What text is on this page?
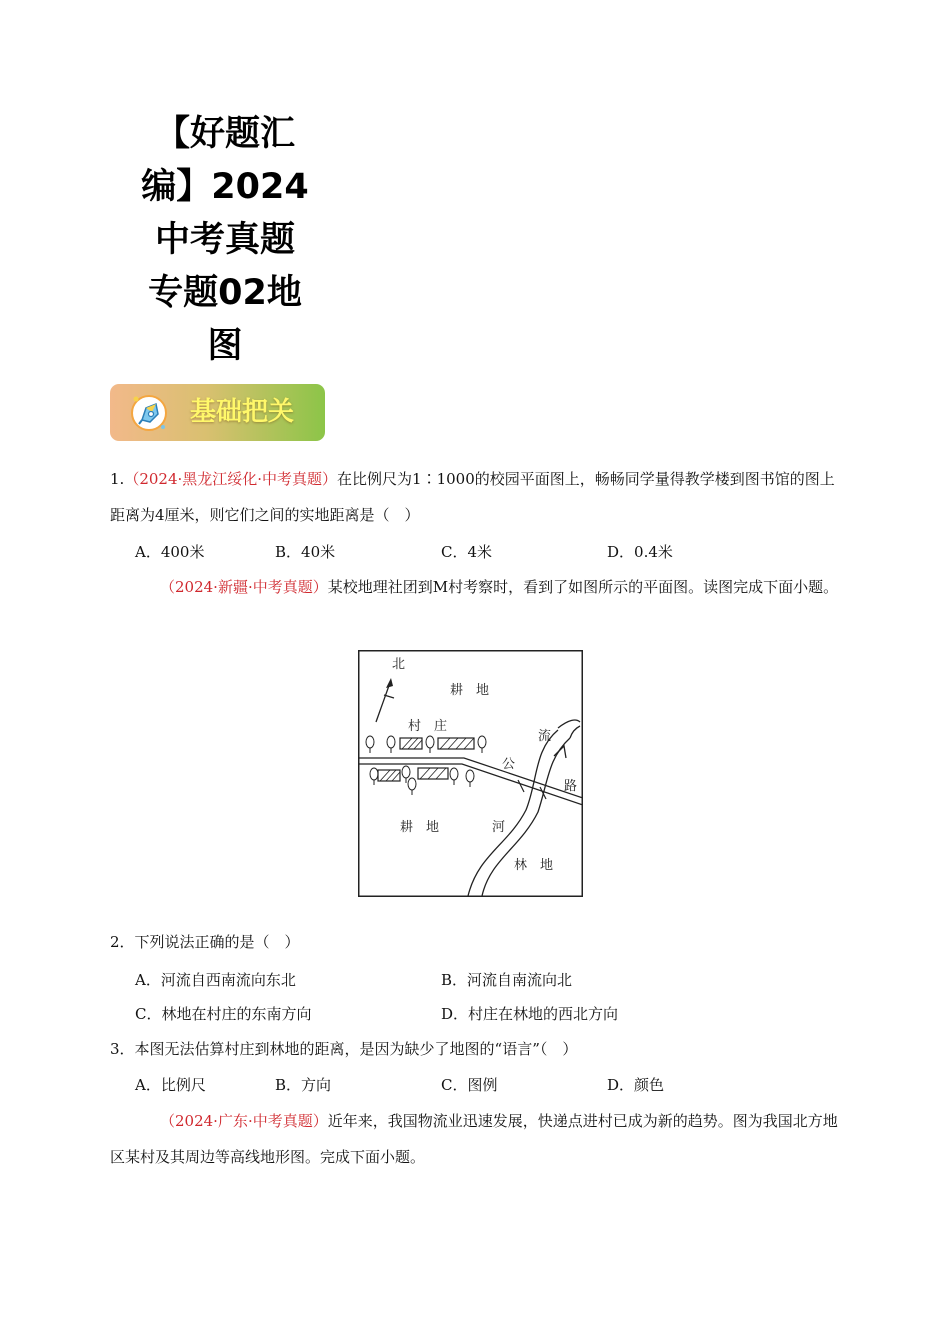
【好题汇
编】2024
中考真题
专题02地
图
基础把关

1.（2024·黑龙江绥化·中考真题）在比例尺为1∶1000的校园平面图上，畅畅同学量得教学楼到图书馆的图上距离为4厘米，则它们之间的实地距离是（　）

A．400米	B．40米	C．4米	D．0.4米

（2024·新疆·中考真题）某校地理社团到M村考察时，看到了如图所示的平面图。读图完成下面小题。

北
耕　地
村　庄
流
公
路
耕　地	河
林　地

2．下列说法正确的是（　）

A．河流自西南流向东北	B．河流自南流向北
C．林地在村庄的东南方向	D．村庄在林地的西北方向

3．本图无法估算村庄到林地的距离，是因为缺少了地图的“语言”（　）

A．比例尺	B．方向	C．图例	D．颜色

（2024·广东·中考真题）近年来，我国物流业迅速发展，快递点进村已成为新的趋势。图为我国北方地区某村及其周边等高线地形图。完成下面小题。
